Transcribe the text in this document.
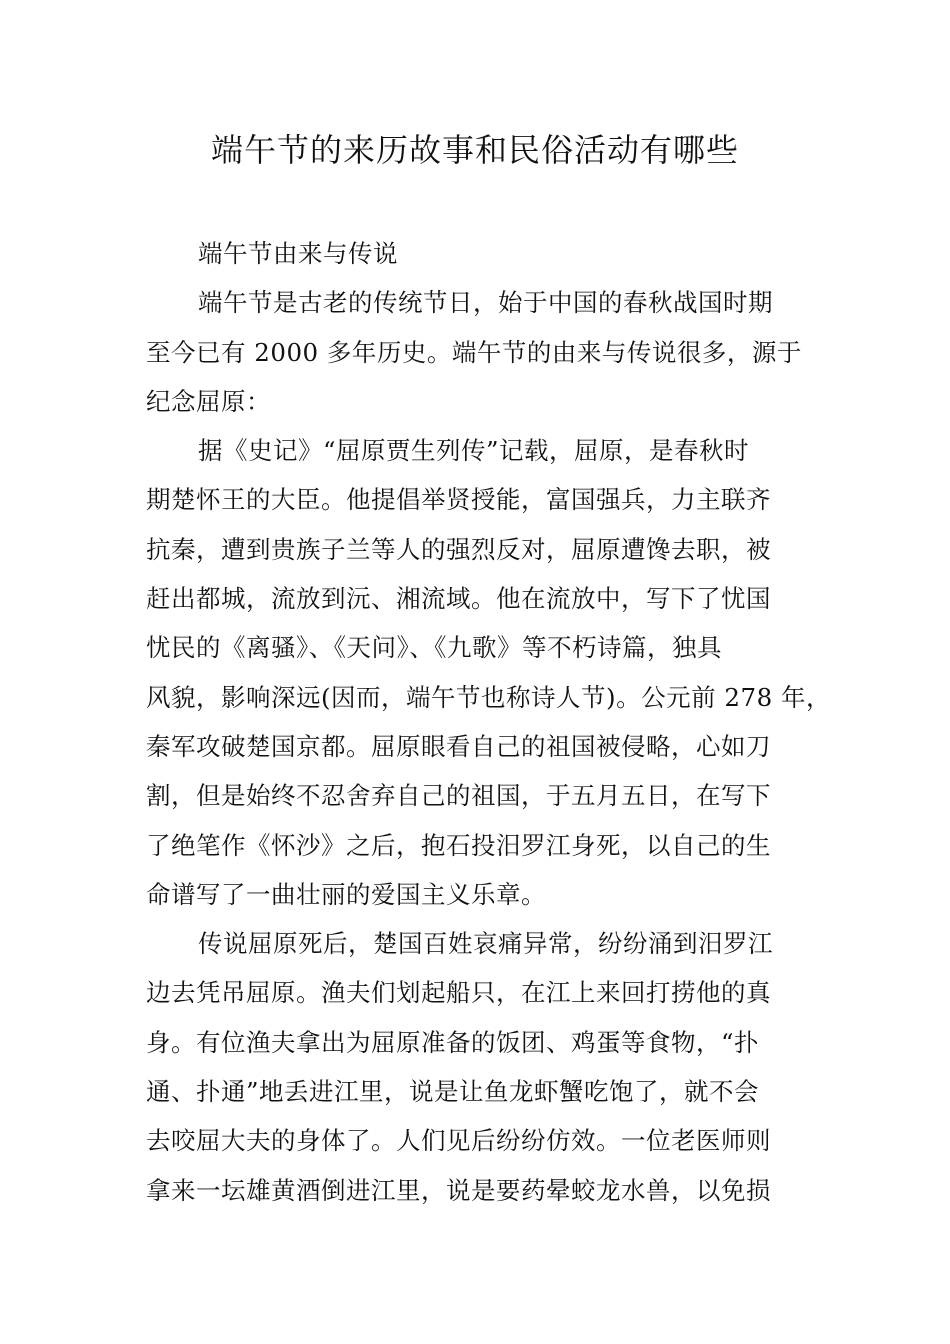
端午节的来历故事和民俗活动有哪些
端午节由来与传说
端午节是古老的传统节日，始于中国的春秋战国时期
至今已有 2000 多年历史。端午节的由来与传说很多，源于
纪念屈原：
据《史记》“屈原贾生列传”记载，屈原，是春秋时
期楚怀王的大臣。他提倡举贤授能，富国强兵，力主联齐
抗秦，遭到贵族子兰等人的强烈反对，屈原遭馋去职，被
赶出都城，流放到沅、湘流域。他在流放中，写下了忧国
忧民的《离骚》、《天问》、《九歌》等不朽诗篇，独具
风貌，影响深远(因而，端午节也称诗人节)。公元前 278 年，
秦军攻破楚国京都。屈原眼看自己的祖国被侵略，心如刀
割，但是始终不忍舍弃自己的祖国，于五月五日，在写下
了绝笔作《怀沙》之后，抱石投汨罗江身死，以自己的生
命谱写了一曲壮丽的爱国主义乐章。
传说屈原死后，楚国百姓哀痛异常，纷纷涌到汨罗江
边去凭吊屈原。渔夫们划起船只，在江上来回打捞他的真
身。有位渔夫拿出为屈原准备的饭团、鸡蛋等食物，“扑
通、扑通”地丢进江里，说是让鱼龙虾蟹吃饱了，就不会
去咬屈大夫的身体了。人们见后纷纷仿效。一位老医师则
拿来一坛雄黄酒倒进江里，说是要药晕蛟龙水兽，以免损
